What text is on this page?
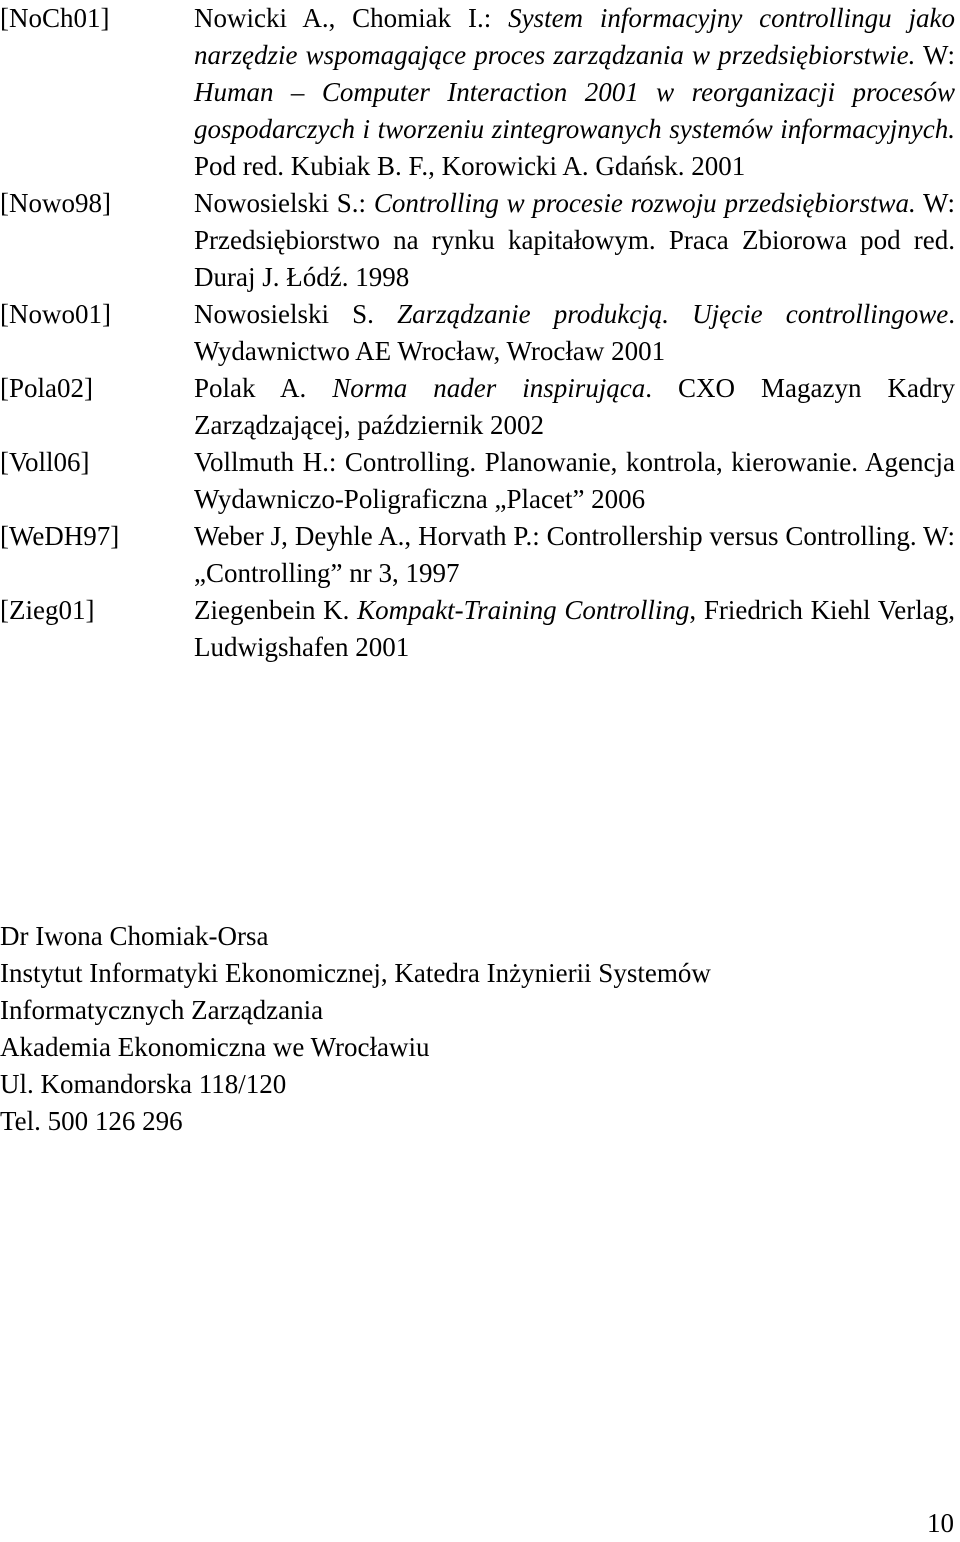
[NoCh01]	Nowicki A., Chomiak I.: System informacyjny controllingu jako narzędzie wspomagające proces zarządzania w przedsiębiorstwie. W: Human – Computer Interaction 2001 w reorganizacji procesów gospodarczych i tworzeniu zintegrowanych systemów informacyjnych. Pod red. Kubiak B. F., Korowicki A. Gdańsk. 2001
[Nowo98]	Nowosielski S.: Controlling w procesie rozwoju przedsiębiorstwa. W: Przedsiębiorstwo na rynku kapitałowym. Praca Zbiorowa pod red. Duraj J. Łódź. 1998
[Nowo01]	Nowosielski S. Zarządzanie produkcją. Ujęcie controllingowe. Wydawnictwo AE Wrocław, Wrocław 2001
[Pola02]	Polak A. Norma nader inspirująca. CXO Magazyn Kadry Zarządzającej, październik 2002
[Voll06]	Vollmuth H.: Controlling. Planowanie, kontrola, kierowanie. Agencja Wydawniczo-Poligraficzna „Placet” 2006
[WeDH97]	Weber J, Deyhle A., Horvath P.: Controllership versus Controlling. W: „Controlling” nr 3, 1997
[Zieg01]	Ziegenbein K. Kompakt-Training Controlling, Friedrich Kiehl Verlag, Ludwigshafen 2001
Dr Iwona Chomiak-Orsa
Instytut Informatyki Ekonomicznej, Katedra Inżynierii Systemów
Informatycznych Zarządzania
Akademia Ekonomiczna we Wrocławiu
Ul. Komandorska 118/120
Tel. 500 126 296
10
